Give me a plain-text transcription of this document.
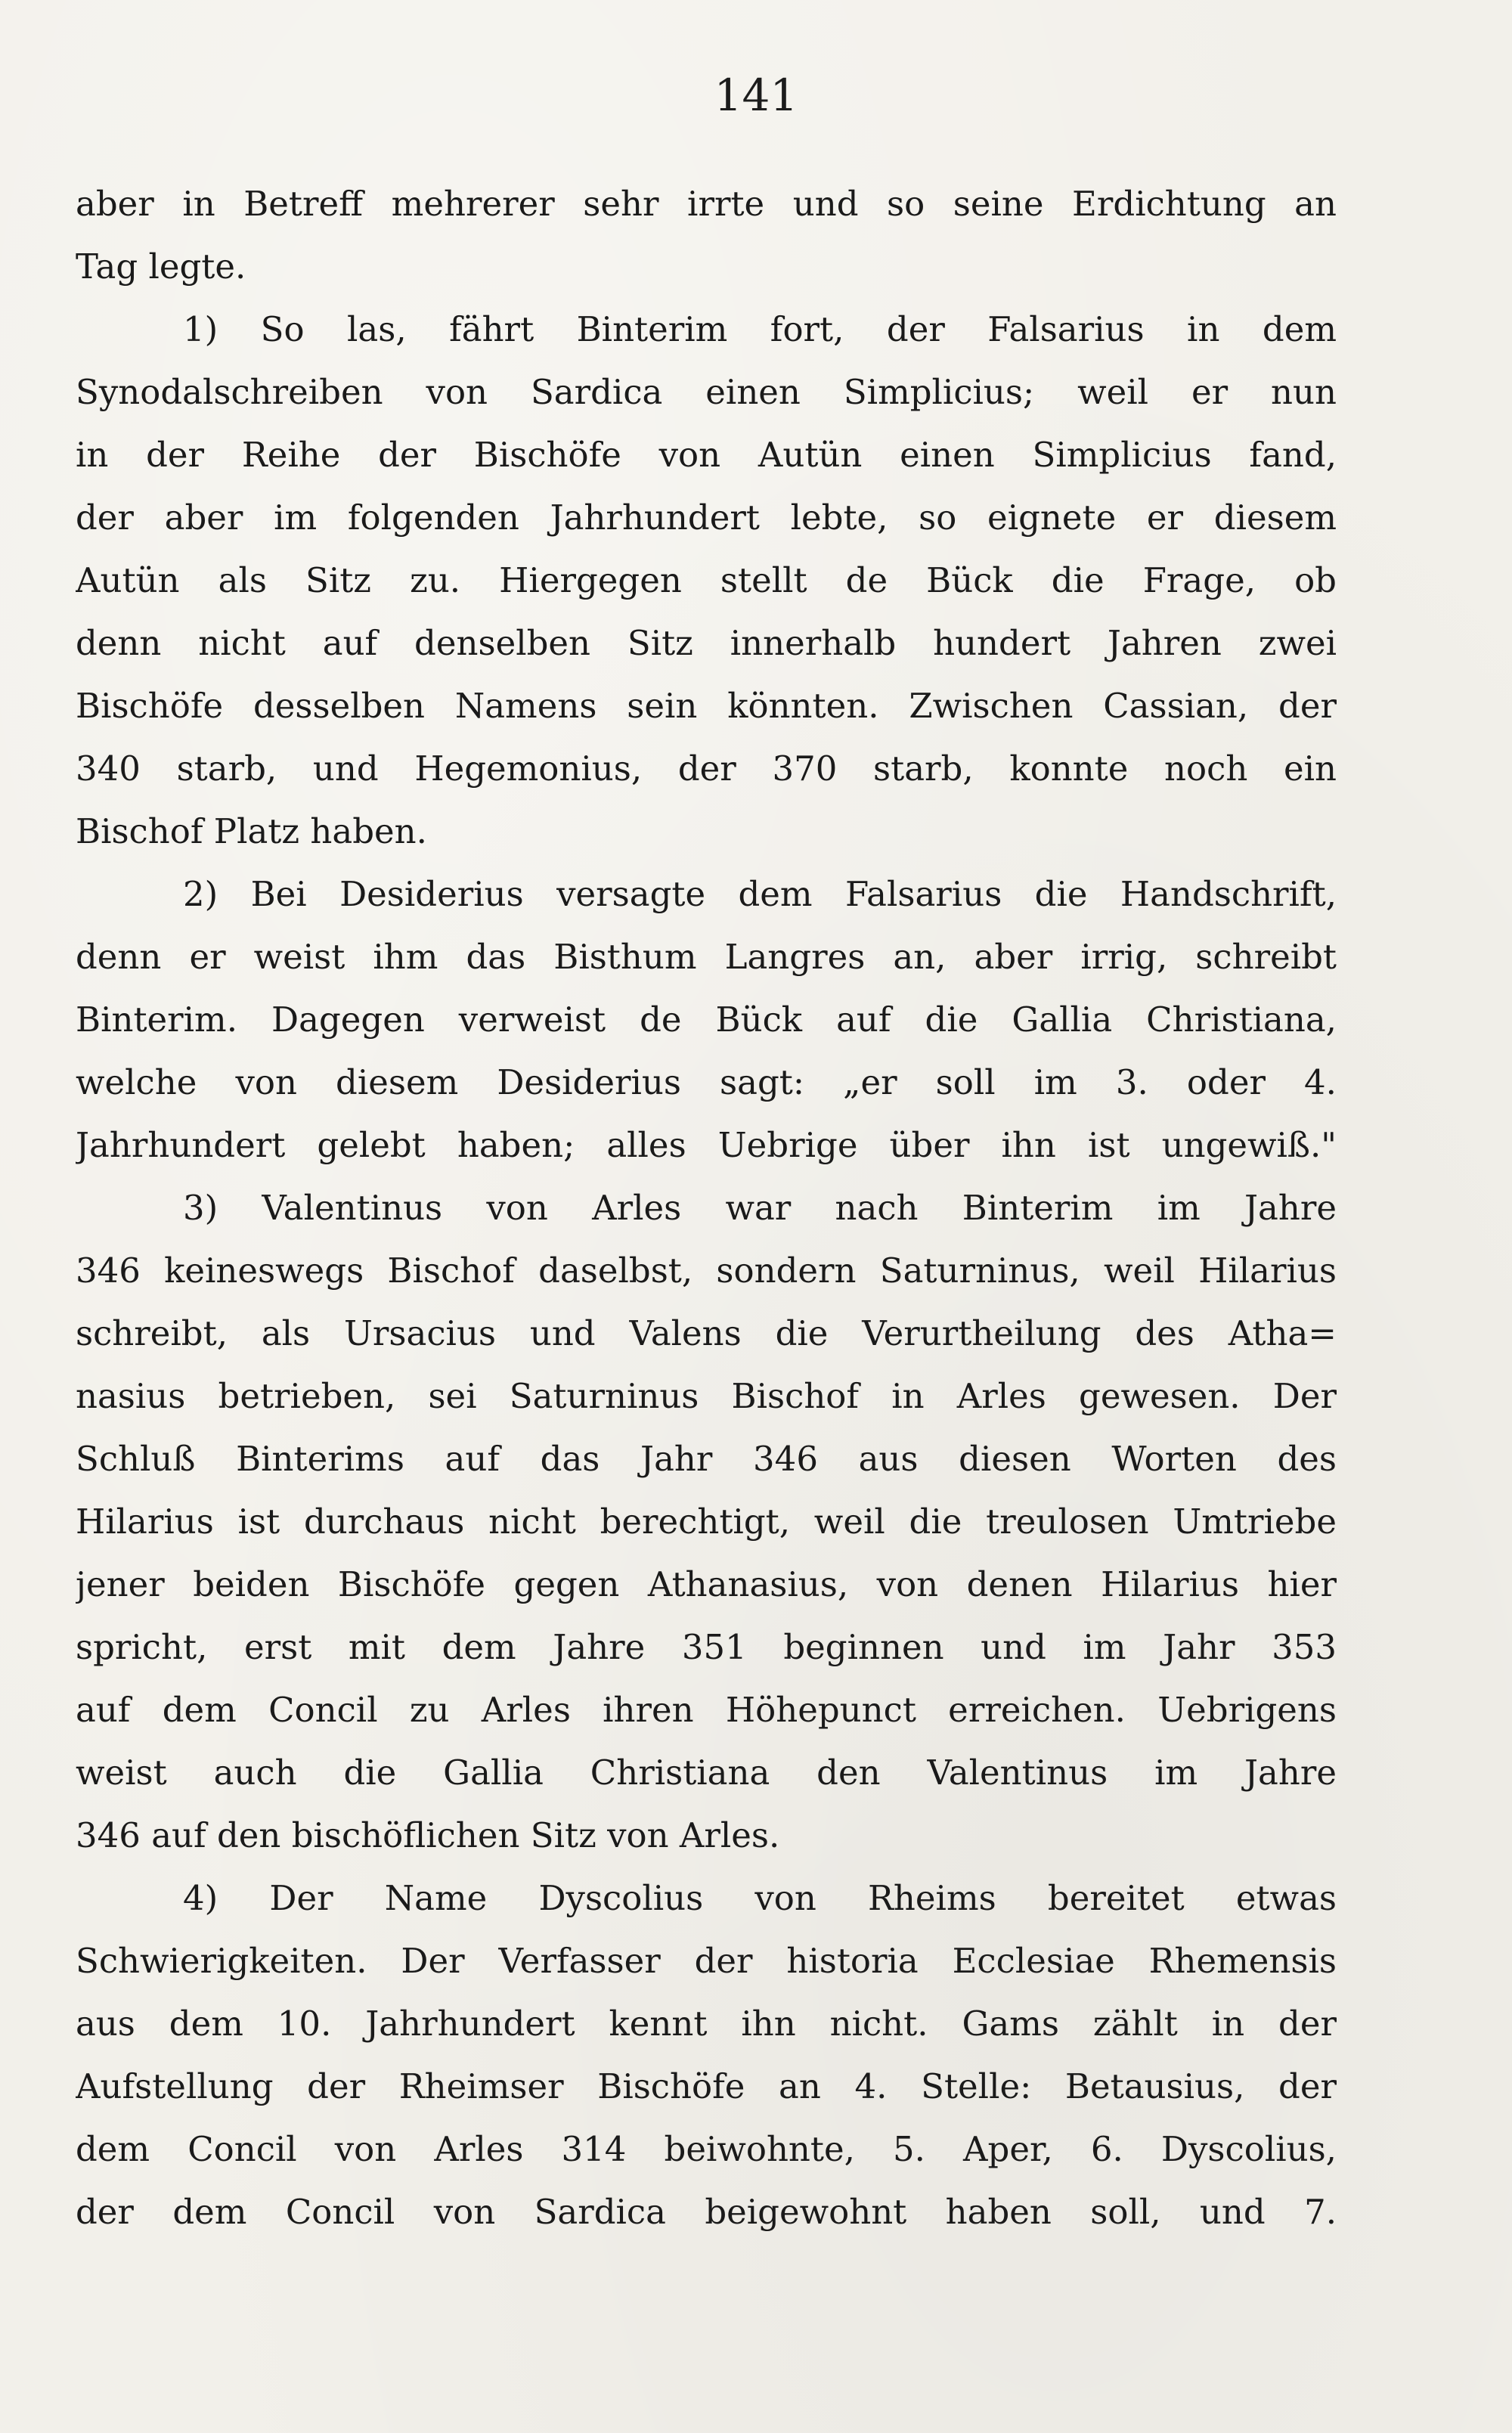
141
aber in Betreff mehrerer sehr irrte und so seine Erdichtung an
Tag legte.
1) So las, fährt Binterim fort, der Falsarius in dem
Synodalschreiben von Sardica einen Simplicius; weil er nun
in der Reihe der Bischöfe von Autün einen Simplicius fand,
der aber im folgenden Jahrhundert lebte, so eignete er diesem
Autün als Sitz zu. Hiergegen stellt de Bück die Frage, ob
denn nicht auf denselben Sitz innerhalb hundert Jahren zwei
Bischöfe desselben Namens sein könnten. Zwischen Cassian, der
340 starb, und Hegemonius, der 370 starb, konnte noch ein
Bischof Platz haben.
2) Bei Desiderius versagte dem Falsarius die Handschrift,
denn er weist ihm das Bisthum Langres an, aber irrig, schreibt
Binterim. Dagegen verweist de Bück auf die Gallia Christiana,
welche von diesem Desiderius sagt: „er soll im 3. oder 4.
Jahrhundert gelebt haben; alles Uebrige über ihn ist ungewiß."
3) Valentinus von Arles war nach Binterim im Jahre
346 keineswegs Bischof daselbst, sondern Saturninus, weil Hilarius
schreibt, als Ursacius und Valens die Verurtheilung des Atha=
nasius betrieben, sei Saturninus Bischof in Arles gewesen. Der
Schluß Binterims auf das Jahr 346 aus diesen Worten des
Hilarius ist durchaus nicht berechtigt, weil die treulosen Umtriebe
jener beiden Bischöfe gegen Athanasius, von denen Hilarius hier
spricht, erst mit dem Jahre 351 beginnen und im Jahr 353
auf dem Concil zu Arles ihren Höhepunct erreichen. Uebrigens
weist auch die Gallia Christiana den Valentinus im Jahre
346 auf den bischöflichen Sitz von Arles.
4) Der Name Dyscolius von Rheims bereitet etwas
Schwierigkeiten. Der Verfasser der historia Ecclesiae Rhemensis
aus dem 10. Jahrhundert kennt ihn nicht. Gams zählt in der
Aufstellung der Rheimser Bischöfe an 4. Stelle: Betausius, der
dem Concil von Arles 314 beiwohnte, 5. Aper, 6. Dyscolius,
der dem Concil von Sardica beigewohnt haben soll, und 7.
